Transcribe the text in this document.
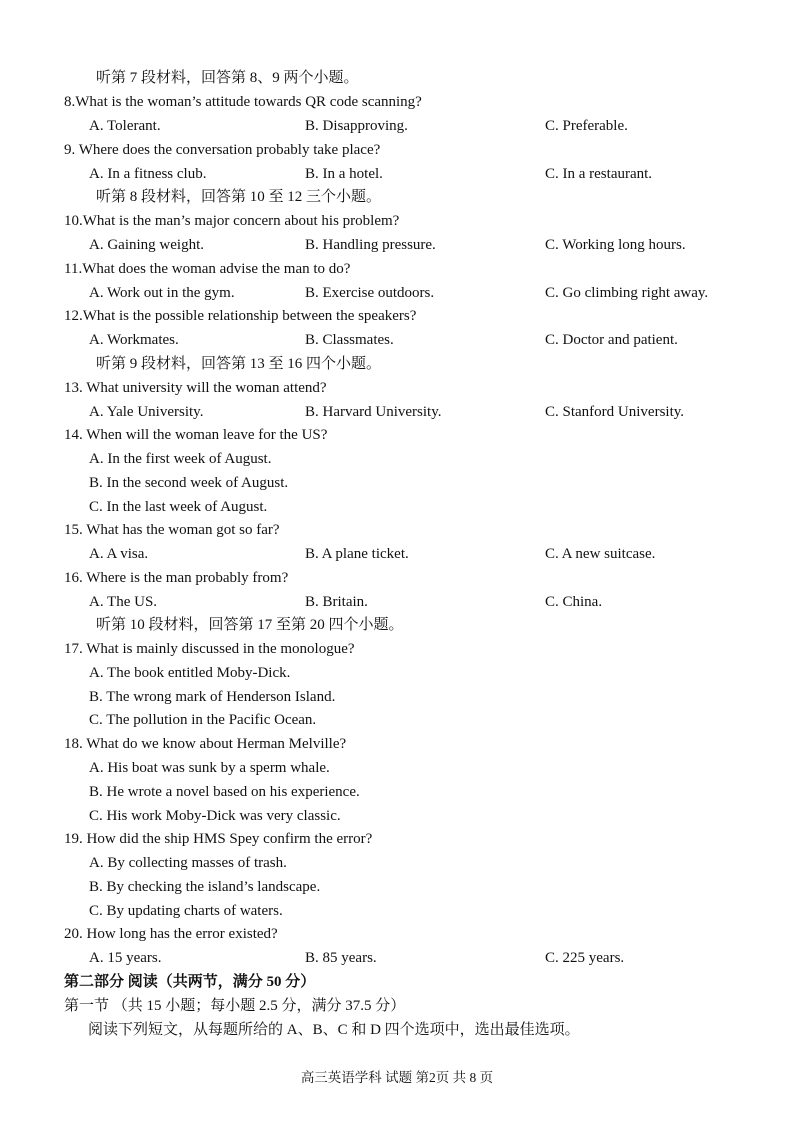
听第 7 段材料，回答第 8、9 两个小题。
8.What is the woman’s attitude towards QR code scanning?
A. Tolerant.	B. Disapproving.	C. Preferable.
9. Where does the conversation probably take place?
A. In a fitness club.	B. In a hotel.	C. In a restaurant.
听第 8 段材料，回答第 10 至 12 三个小题。
10.What is the man’s major concern about his problem?
A. Gaining weight.	B. Handling pressure.	C. Working long hours.
11.What does the woman advise the man to do?
A. Work out in the gym.	B. Exercise outdoors.	C. Go climbing right away.
12.What is the possible relationship between the speakers?
A. Workmates.	B. Classmates.	C. Doctor and patient.
听第 9 段材料，回答第 13 至 16 四个小题。
13. What university will the woman attend?
A. Yale University.	B. Harvard University.	C. Stanford University.
14. When will the woman leave for the US?
A. In the first week of August.
B. In the second week of August.
C. In the last week of August.
15. What has the woman got so far?
A. A visa.	B. A plane ticket.	C. A new suitcase.
16. Where is the man probably from?
A. The US.	B. Britain.	C. China.
听第 10 段材料，回答第 17 至第 20 四个小题。
17. What is mainly discussed in the monologue?
A. The book entitled Moby-Dick.
B. The wrong mark of Henderson Island.
C. The pollution in the Pacific Ocean.
18. What do we know about Herman Melville?
A. His boat was sunk by a sperm whale.
B. He wrote a novel based on his experience.
C. His work Moby-Dick was very classic.
19. How did the ship HMS Spey confirm the error?
A. By collecting masses of trash.
B. By checking the island’s landscape.
C. By updating charts of waters.
20. How long has the error existed?
A. 15 years.	B. 85 years.	C. 225 years.
第二部分 阅读（共两节，满分 50 分）
第一节 （共 15 小题；每小题 2.5 分，满分 37.5 分）
阅读下列短文，从每题所给的 A、B、C 和 D 四个选项中，选出最佳选项。
高三英语学科 试题 第2页 共 8 页
